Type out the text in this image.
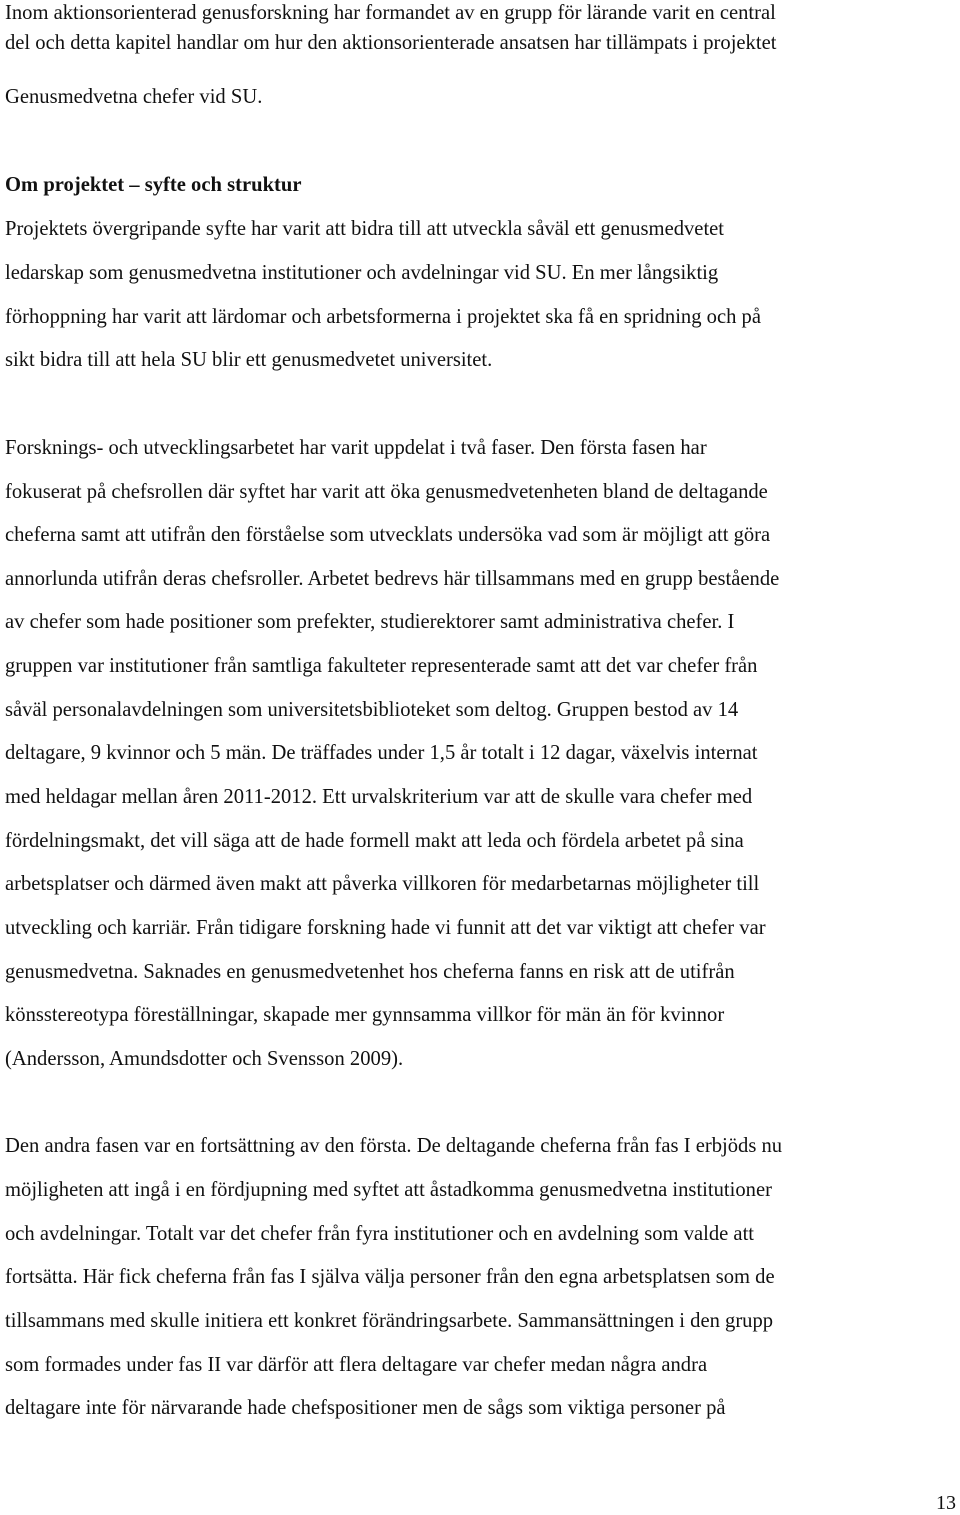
Inom aktionsorienterad genusforskning har formandet av en grupp för lärande varit en central
del och detta kapitel handlar om hur den aktionsorienterade ansatsen har tillämpats i projektet
Genusmedvetna chefer vid SU.
Om projektet – syfte och struktur
Projektets övergripande syfte har varit att bidra till att utveckla såväl ett genusmedvetet
ledarskap som genusmedvetna institutioner och avdelningar vid SU. En mer långsiktig
förhoppning har varit att lärdomar och arbetsformerna i projektet ska få en spridning och på
sikt bidra till att hela SU blir ett genusmedvetet universitet.
Forsknings- och utvecklingsarbetet har varit uppdelat i två faser. Den första fasen har
fokuserat på chefsrollen där syftet har varit att öka genusmedvetenheten bland de deltagande
cheferna samt att utifrån den förståelse som utvecklats undersöka vad som är möjligt att göra
annorlunda utifrån deras chefsroller. Arbetet bedrevs här tillsammans med en grupp bestående
av chefer som hade positioner som prefekter, studierektorer samt administrativa chefer. I
gruppen var institutioner från samtliga fakulteter representerade samt att det var chefer från
såväl personalavdelningen som universitetsbiblioteket som deltog. Gruppen bestod av 14
deltagare, 9 kvinnor och 5 män. De träffades under 1,5 år totalt i 12 dagar, växelvis internat
med heldagar mellan åren 2011-2012. Ett urvalskriterium var att de skulle vara chefer med
fördelningsmakt, det vill säga att de hade formell makt att leda och fördela arbetet på sina
arbetsplatser och därmed även makt att påverka villkoren för medarbetarnas möjligheter till
utveckling och karriär. Från tidigare forskning hade vi funnit att det var viktigt att chefer var
genusmedvetna. Saknades en genusmedvetenhet hos cheferna fanns en risk att de utifrån
könsstereotypa föreställningar, skapade mer gynnsamma villkor för män än för kvinnor
(Andersson, Amundsdotter och Svensson 2009).
Den andra fasen var en fortsättning av den första. De deltagande cheferna från fas I erbjöds nu
möjligheten att ingå i en fördjupning med syftet att åstadkomma genusmedvetna institutioner
och avdelningar. Totalt var det chefer från fyra institutioner och en avdelning som valde att
fortsätta. Här fick cheferna från fas I själva välja personer från den egna arbetsplatsen som de
tillsammans med skulle initiera ett konkret förändringsarbete. Sammansättningen i den grupp
som formades under fas II var därför att flera deltagare var chefer medan några andra
deltagare inte för närvarande hade chefspositioner men de sågs som viktiga personer på
13
